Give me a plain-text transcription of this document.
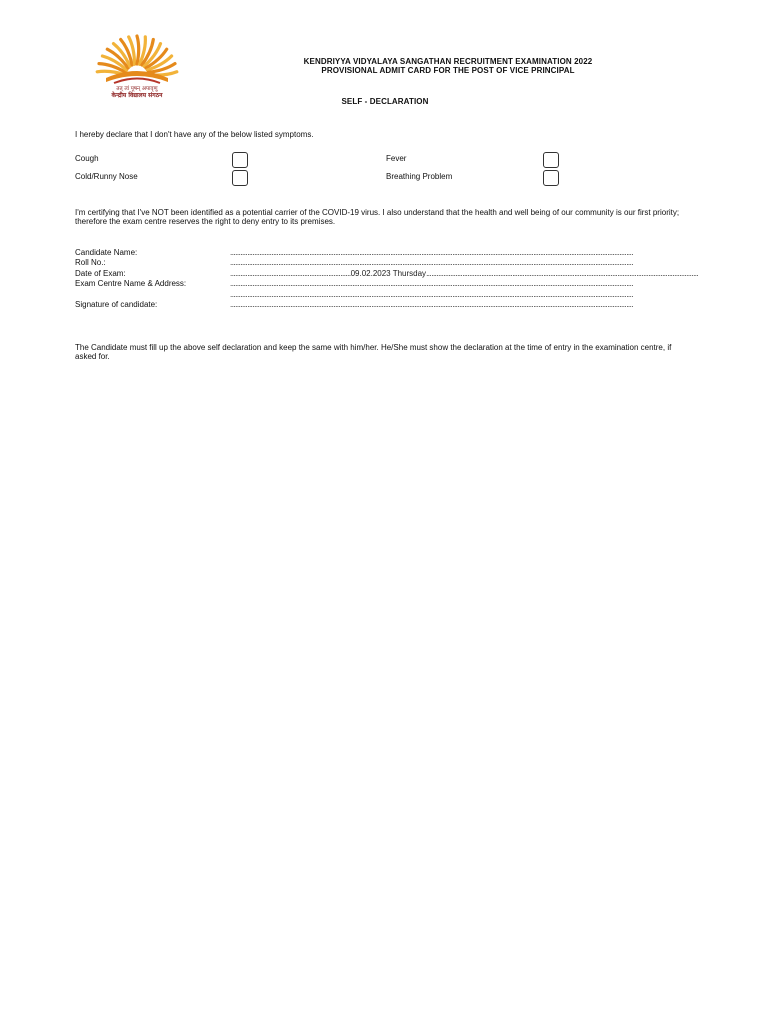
तत् त्वं पूषन् अपावृणु
केन्द्रीय विद्यालय संगठन
KENDRIYYA VIDYALAYA SANGATHAN RECRUITMENT EXAMINATION 2022
PROVISIONAL ADMIT CARD FOR THE POST OF VICE PRINCIPAL
SELF - DECLARATION
I hereby declare that I don't have any of the below listed symptoms.
Cough	Fever
Cold/Runny Nose	Breathing Problem
I'm certifying that I've NOT been identified as a potential carrier of the COVID-19 virus. I also understand that the health and well being of our community is our first priority; therefore the exam centre reserves the right to deny entry to its premises.
Candidate Name:	..........................................................................................................................................................................................................................................
Roll No.:	..........................................................................................................................................................................................................................................
Date of Exam:	......................................................................09.02.2023 Thursday..............................................................................................................................................................
Exam Centre Name & Address:	..........................................................................................................................................................................................................................................
..........................................................................................................................................................................................................................................
Signature of candidate:	..........................................................................................................................................................................................................................................
The Candidate must fill up the above self declaration and keep the same with him/her. He/She must show the declaration at the time of entry in the examination centre, if asked for.
